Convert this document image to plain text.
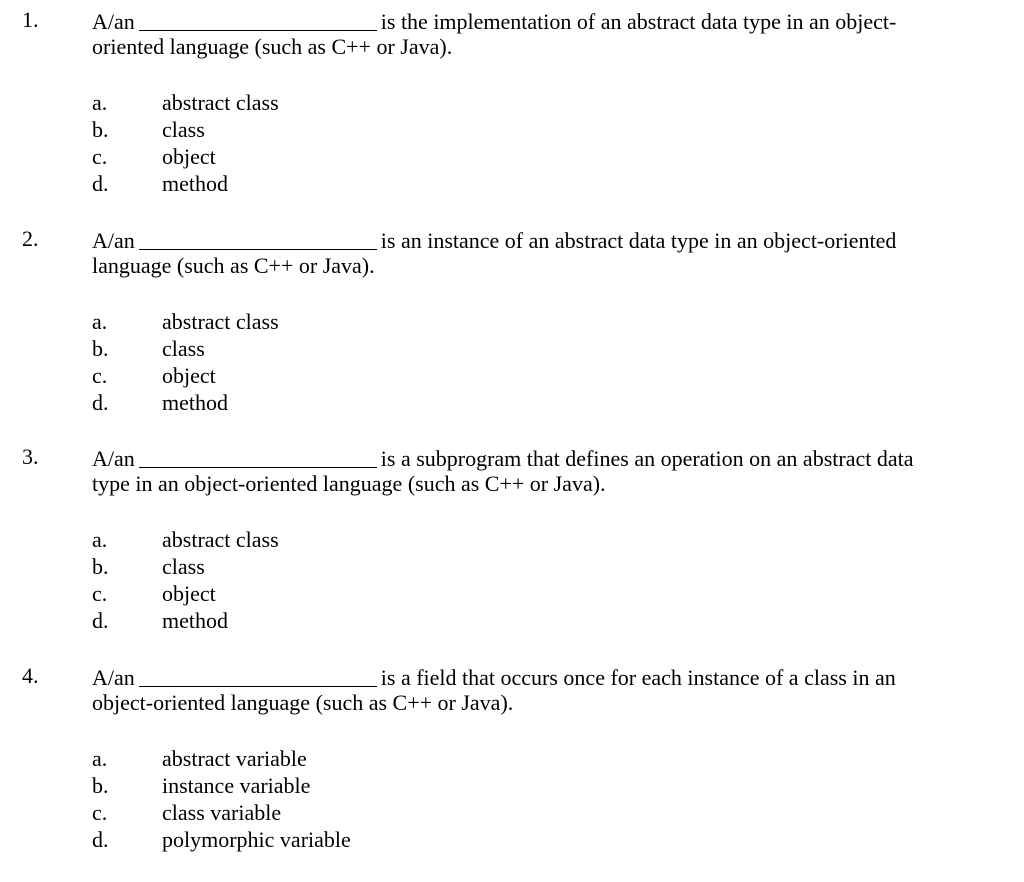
1. A/an	is the implementation of an abstract data type in an object-
oriented language (such as C++ or Java).
a.	abstract class
b.	class
c.	object
d.	method
2. A/an	is an instance of an abstract data type in an object-oriented
language (such as C++ or Java).
a.	abstract class
b.	class
c.	object
d.	method
3. A/an	is a subprogram that defines an operation on an abstract data
type in an object-oriented language (such as C++ or Java).
a.	abstract class
b.	class
c.	object
d.	method
4. A/an	is a field that occurs once for each instance of a class in an
object-oriented language (such as C++ or Java).
a.	abstract variable
b.	instance variable
c.	class variable
d.	polymorphic variable
